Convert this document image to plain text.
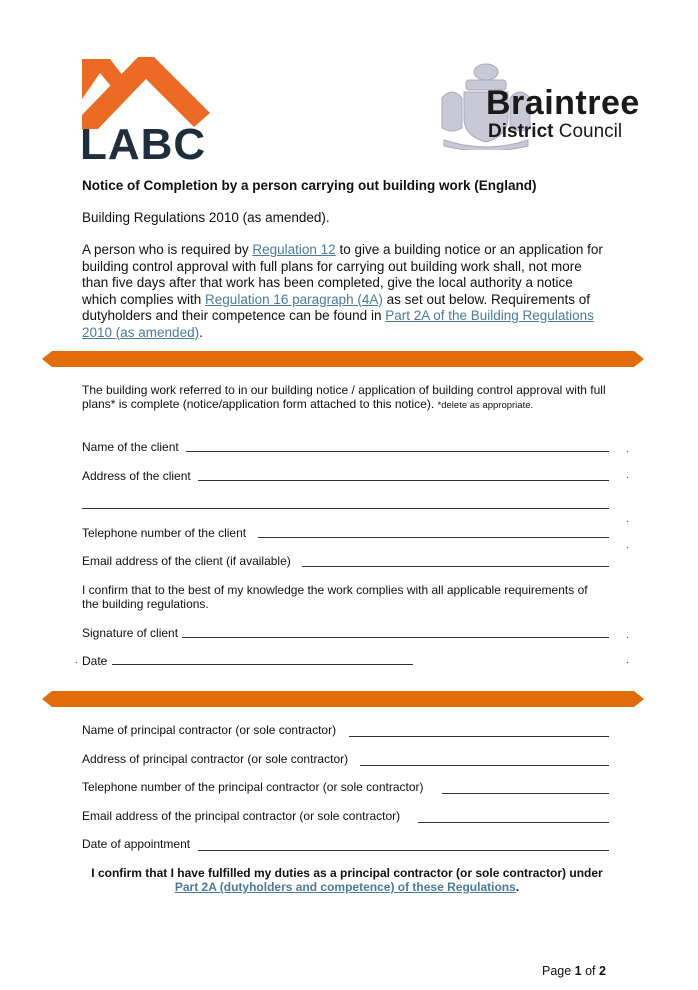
LABC
Braintree
District Council
Notice of Completion by a person carrying out building work (England)
Building Regulations 2010 (as amended).
A person who is required by Regulation 12 to give a building notice or an application for building control approval with full plans for carrying out building work shall, not more than five days after that work has been completed, give the local authority a notice which complies with Regulation 16 paragraph (4A) as set out below. Requirements of dutyholders and their competence can be found in Part 2A of the Building Regulations 2010 (as amended).
The building work referred to in our building notice / application of building control approval with full plans* is complete (notice/application form attached to this notice). *delete as appropriate.
Name of the client	.
Address of the client	.
.
Telephone number of the client
.
Email address of the client (if available)
I confirm that to the best of my knowledge the work complies with all applicable requirements of the building regulations.
Signature of client	.
. Date	.
Name of principal contractor (or sole contractor)
Address of principal contractor (or sole contractor)
Telephone number of the principal contractor (or sole contractor)
Email address of the principal contractor (or sole contractor)
Date of appointment
I confirm that I have fulfilled my duties as a principal contractor (or sole contractor) under Part 2A (dutyholders and competence) of these Regulations.
Page 1 of 2
